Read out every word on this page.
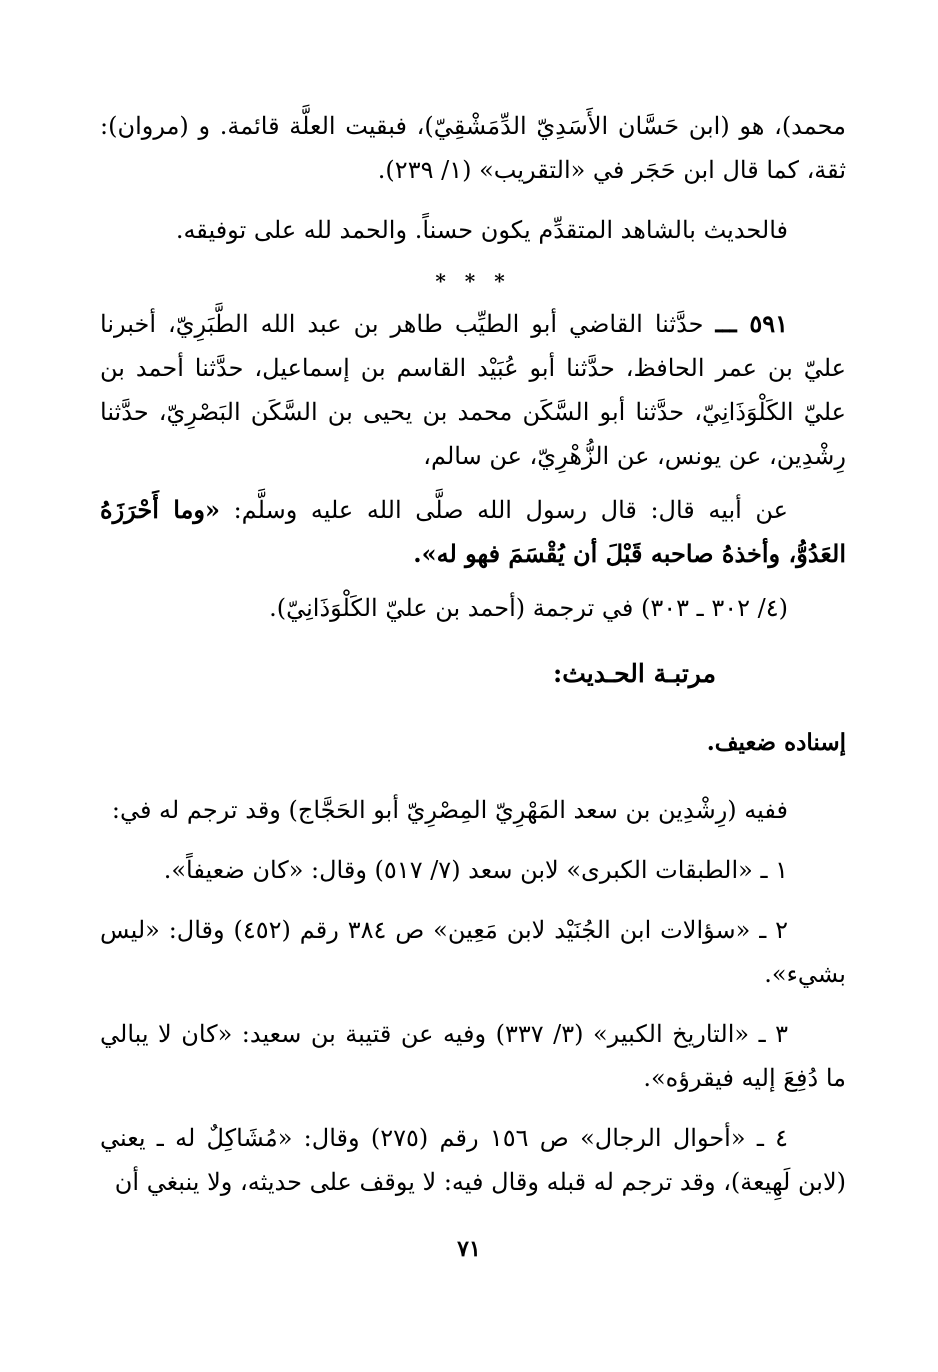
محمد)، هو (ابن حَسَّان الأَسَدِيّ الدِّمَشْقِيّ)، فبقيت العلَّة قائمة. و (مروان): ثقة، كما قال ابن حَجَر في «التقريب» (١/ ٢٣٩).

فالحديث بالشاهد المتقدِّم يكون حسناً. والحمد لله على توفيقه.

* * *

٥٩١ ـــ حدَّثنا القاضي أبو الطيِّب طاهر بن عبد الله الطَّبَرِيّ، أخبرنا عليّ بن عمر الحافظ، حدَّثنا أبو عُبَيْد القاسم بن إسماعيل، حدَّثنا أحمد بن عليّ الكَلْوَذَانِيّ، حدَّثنا أبو السَّكَن محمد بن يحيى بن السَّكَن البَصْرِيّ، حدَّثنا رِشْدِين، عن يونس، عن الزُّهْرِيّ، عن سالم،

عن أبيه قال: قال رسول الله صلَّى الله عليه وسلَّم: «وما أَحْرَزَهُ العَدُوُّ، وأخذهُ صاحبه قَبْلَ أن يُقْسَمَ فهو له».

(٤/ ٣٠٢ ـ ٣٠٣) في ترجمة (أحمد بن عليّ الكَلْوَذَانِيّ).

مرتبـة الحـديث:

إسناده ضعيف.

ففيه (رِشْدِين بن سعد المَهْرِيّ المِصْرِيّ أبو الحَجَّاج) وقد ترجم له في:

١ ـ «الطبقات الكبرى» لابن سعد (٧/ ٥١٧) وقال: «كان ضعيفاً».

٢ ـ «سؤالات ابن الجُنَيْد لابن مَعِين» ص ٣٨٤ رقم (٤٥٢) وقال: «ليس بشيء».

٣ ـ «التاريخ الكبير» (٣/ ٣٣٧) وفيه عن قتيبة بن سعيد: «كان لا يبالي ما دُفِعَ إليه فيقرؤه».

٤ ـ «أحوال الرجال» ص ١٥٦ رقم (٢٧٥) وقال: «مُشَاكِلٌ له ـ يعني (لابن لَهِيعة)، وقد ترجم له قبله وقال فيه: لا يوقف على حديثه، ولا ينبغي أن

٧١
